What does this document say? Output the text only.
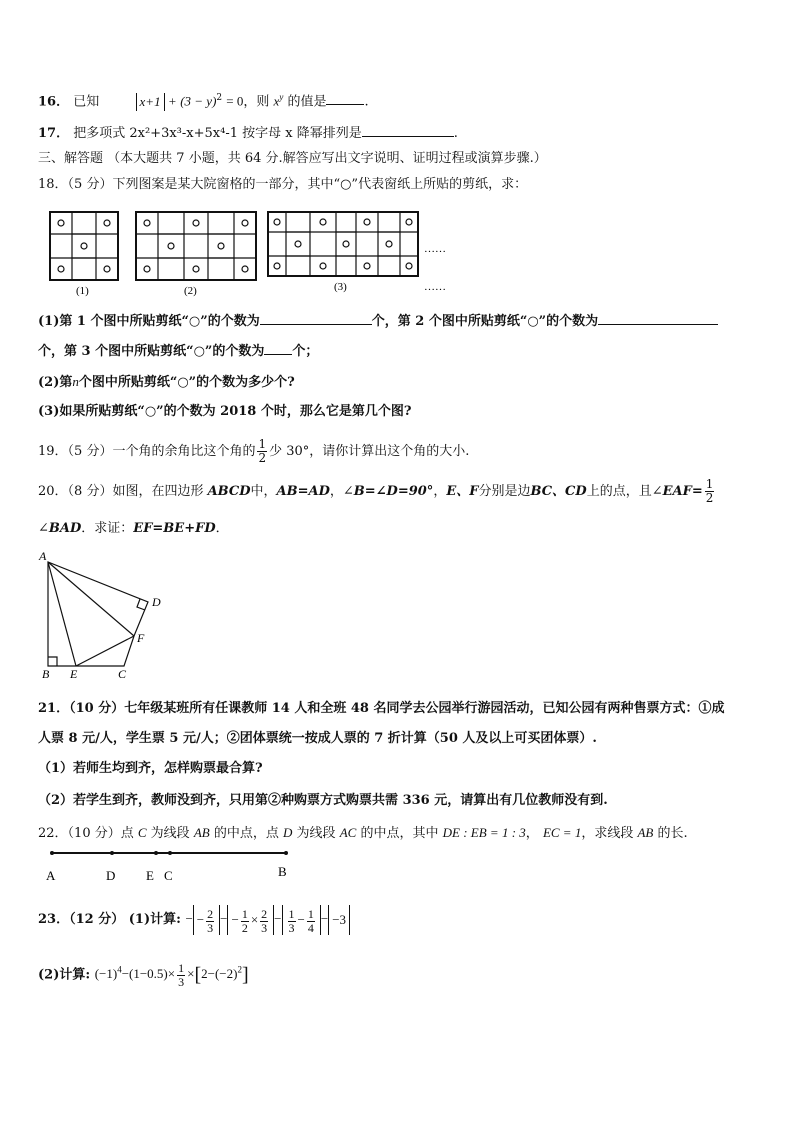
16． 已知	$x+1 + (3 - y)^2 = 0$，则 $x^y$ 的值是	.
17． 把多项式 2x²+3x³-x+5x⁴-1 按字母 x 降幂排列是	.
三、解答题 （本大题共 7 小题，共 64 分.解答应写出文字说明、证明过程或演算步骤.）
18．（5 分）下列图案是某大院窗格的一部分，其中“○”代表窗纸上所贴的剪纸，求：
(1)	(2)	(3)
……
……
(1)第 1 个图中所贴剪纸“○”的个数为	个，第 2 个图中所贴剪纸“○”的个数为
个，第 3 个图中所贴剪纸“○”的个数为 个；
(2)第n个图中所贴剪纸“○”的个数为多少个?
(3)如果所贴剪纸“○”的个数为 2018 个时，那么它是第几个图?
19．（5 分）一个角的余角比这个角的 $\frac{1}{2}$ 少 30°，请你计算出这个角的大小.
20．（8 分）如图，在四边形 ABCD中，AB=AD，∠B=∠D=90°，E、F分别是边BC、CD上的点，且∠EAF= $\frac{1}{2}$
∠BAD．求证：EF=BE+FD．
A
B E	C
F
D
21．（10 分）七年级某班所有任课教师 14 人和全班 48 名同学去公园举行游园活动，已知公园有两种售票方式：①成
人票 8 元/人，学生票 5 元/人；②团体票统一按成人票的 7 折计算（50 人及以上可买团体票）.
（1）若师生均到齐，怎样购票最合算?
（2）若学生到齐，教师没到齐，只用第②种购票方式购票共需 336 元，请算出有几位教师没有到.
22．（10 分）点 C 为线段 AB 的中点，点 D 为线段 AC 的中点，其中 DE : EB = 1 : 3， EC = 1，求线段 AB 的长.
A	D E C	B
23．（12 分） (1)计算: − − $\frac{2}{3}$ − − $\frac{1}{2} \times \frac{2}{3} - \frac{1}{3} - \frac{1}{4} - -3$
(2)计算: $(-1)^4-(1-0.5)\times \frac{1}{3} \times[2-(-2)^2]$
